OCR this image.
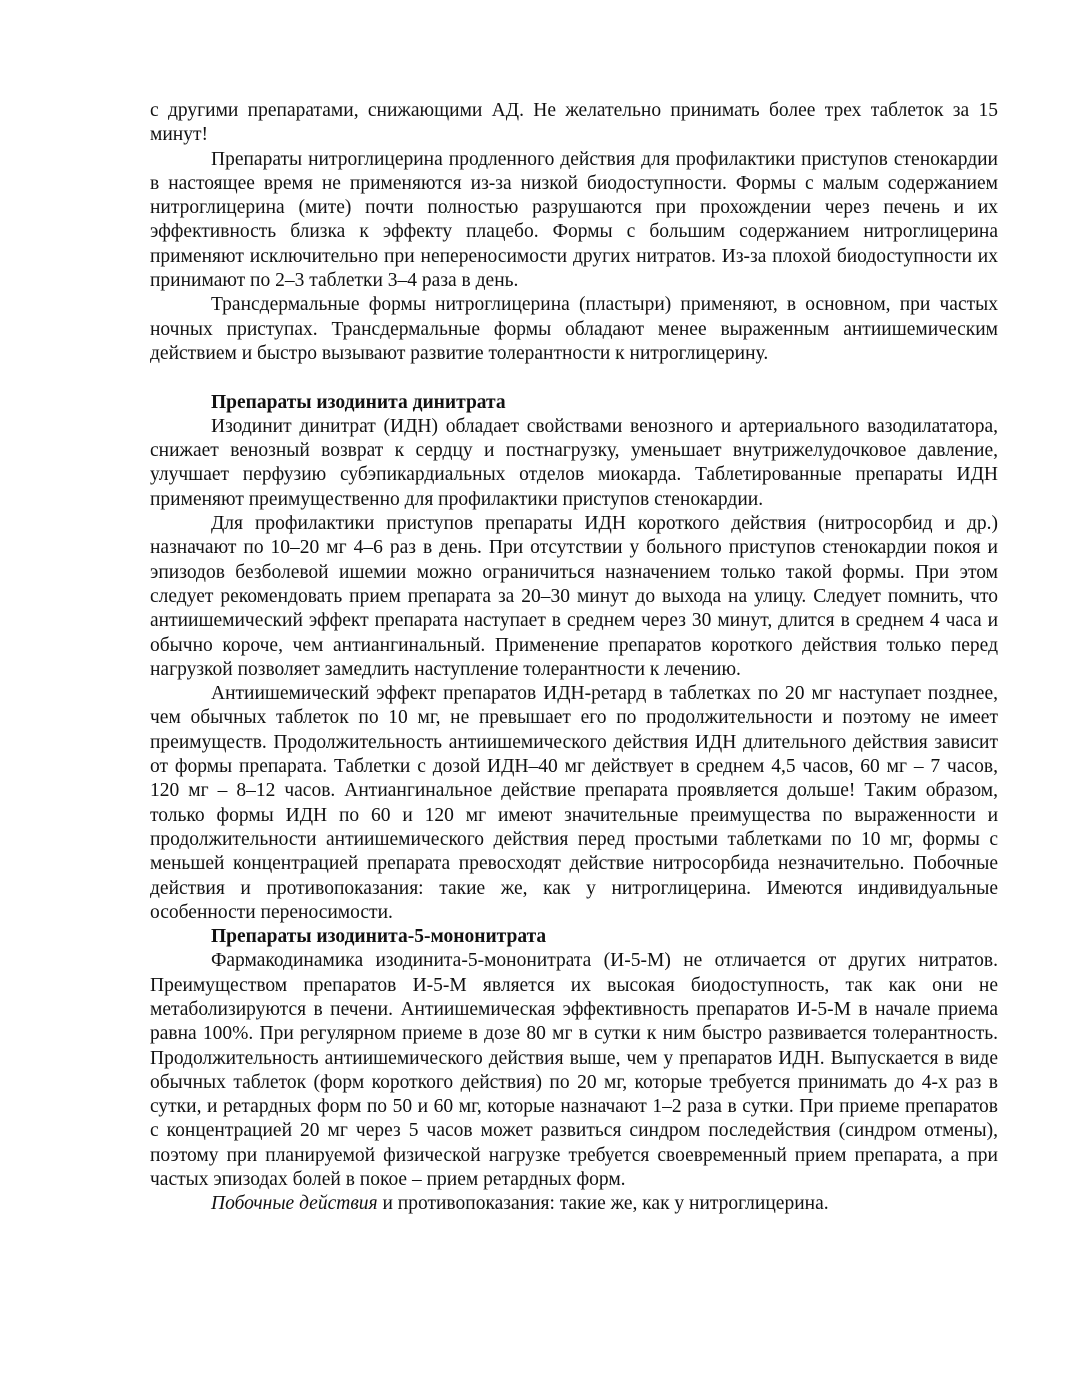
с другими препаратами, снижающими АД. Не желательно принимать более трех таблеток за 15 минут!

Препараты нитроглицерина продленного действия для профилактики приступов стенокардии в настоящее время не применяются из-за низкой биодоступности. Формы с малым содержанием нитроглицерина (мите) почти полностью разрушаются при прохождении через печень и их эффективность близка к эффекту плацебо. Формы с большим содержанием нитроглицерина применяют исключительно при непереносимости других нитратов. Из-за плохой биодоступности их принимают по 2–3 таблетки 3–4 раза в день.

Трансдермальные формы нитроглицерина (пластыри) применяют, в основном, при частых ночных приступах. Трансдермальные формы обладают менее выраженным антиишемическим действием и быстро вызывают развитие толерантности к нитроглицерину.

Препараты изодинита динитрата

Изодинит динитрат (ИДН) обладает свойствами венозного и артериального вазодилататора, снижает венозный возврат к сердцу и постнагрузку, уменьшает внутрижелудочковое давление, улучшает перфузию субэпикардиальных отделов миокарда. Таблетированные препараты ИДН применяют преимущественно для профилактики приступов стенокардии.

Для профилактики приступов препараты ИДН короткого действия (нитросорбид и др.) назначают по 10–20 мг 4–6 раз в день. При отсутствии у больного приступов стенокардии покоя и эпизодов безболевой ишемии можно ограничиться назначением только такой формы. При этом следует рекомендовать прием препарата за 20–30 минут до выхода на улицу. Следует помнить, что антиишемический эффект препарата наступает в среднем через 30 минут, длится в среднем 4 часа и обычно короче, чем антиангинальный. Применение препаратов короткого действия только перед нагрузкой позволяет замедлить наступление толерантности к лечению.

Антиишемический эффект препаратов ИДН-ретард в таблетках по 20 мг наступает позднее, чем обычных таблеток по 10 мг, не превышает его по продолжительности и поэтому не имеет преимуществ. Продолжительность антиишемического действия ИДН длительного действия зависит от формы препарата. Таблетки с дозой ИДН–40 мг действует в среднем 4,5 часов, 60 мг – 7 часов, 120 мг – 8–12 часов. Антиангинальное действие препарата проявляется дольше! Таким образом, только формы ИДН по 60 и 120 мг имеют значительные преимущества по выраженности и продолжительности антиишемического действия перед простыми таблетками по 10 мг, формы с меньшей концентрацией препарата превосходят действие нитросорбида незначительно. Побочные действия и противопоказания: такие же, как у нитроглицерина. Имеются индивидуальные особенности переносимости.

Препараты изодинита-5-мононитрата

Фармакодинамика изодинита-5-мононитрата (И-5-М) не отличается от других нитратов. Преимуществом препаратов И-5-М является их высокая биодоступность, так как они не метаболизируются в печени. Антиишемическая эффективность препаратов И-5-М в начале приема равна 100%. При регулярном приеме в дозе 80 мг в сутки к ним быстро развивается толерантность. Продолжительность антиишемического действия выше, чем у препаратов ИДН. Выпускается в виде обычных таблеток (форм короткого действия) по 20 мг, которые требуется принимать до 4-х раз в сутки, и ретардных форм по 50 и 60 мг, которые назначают 1–2 раза в сутки. При приеме препаратов с концентрацией 20 мг через 5 часов может развиться синдром последействия (синдром отмены), поэтому при планируемой физической нагрузке требуется своевременный прием препарата, а при частых эпизодах болей в покое – прием ретардных форм.

Побочные действия и противопоказания: такие же, как у нитроглицерина.
